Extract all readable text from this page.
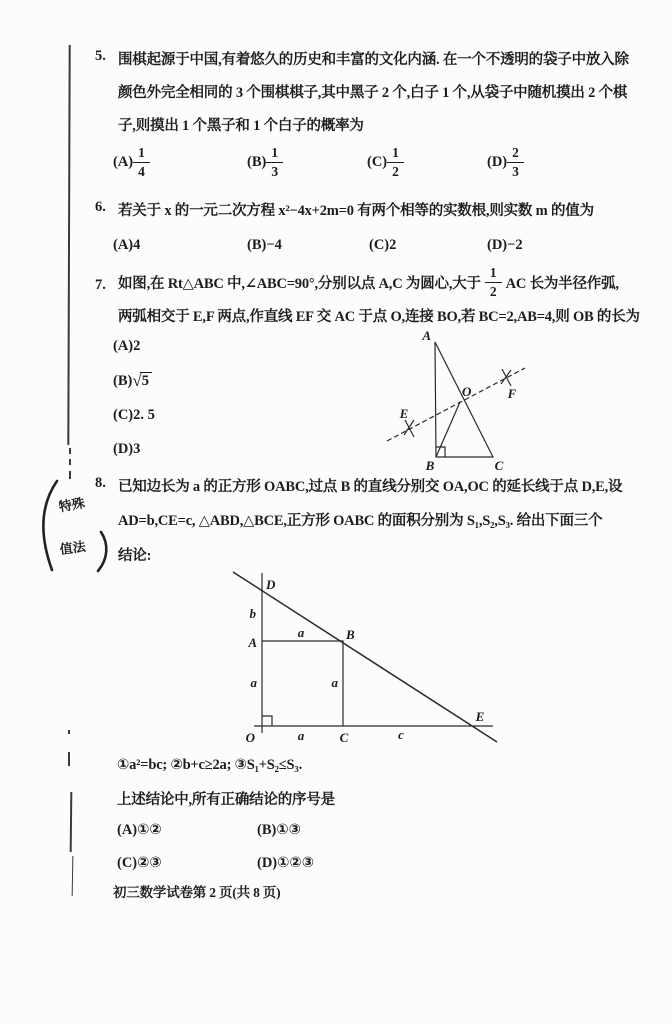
5. 围棋起源于中国,有着悠久的历史和丰富的文化内涵. 在一个不透明的袋子中放入除
颜色外完全相同的 3 个围棋棋子,其中黑子 2 个,白子 1 个,从袋子中随机摸出 2 个棋
子,则摸出 1 个黑子和 1 个白子的概率为
$(A) \frac{1}{4}$	$(B) \frac{1}{3}$	$(C) \frac{1}{2}$	$(D) \frac{2}{3}$
6. 若关于 x 的一元二次方程 x²−4x+2m=0 有两个相等的实数根,则实数 m 的值为
(A) 4	(B) −4	(C) 2	(D) −2
7. 如图,在 Rt△ABC 中,∠ABC=90°,分别以点 A,C 为圆心,大于 $\frac{1}{2}$ AC 长为半径作弧,
两弧相交于 E,F 两点,作直线 EF 交 AC 于点 O,连接 BO,若 BC=2,AB=4,则 OB 的长为
(A) 2
(B) √ 5
(C) 2. 5
(D) 3
A
B	C
O
E
F
8. 已知边长为 a 的正方形 OABC,过点 B 的直线分别交 OA,OC 的延长线于点 D,E,设
AD=b,CE=c, △ABD,△BCE,正方形 OABC 的面积分别为 S₁,S₂,S₃. 给出下面三个
结论:
特殊
值法
D
b
A
a	B
a	a
O	a	C	c
E
①a²=bc; ②b+c≥2a; ③S₁+S₂≤S₃.
上述结论中,所有正确结论的序号是
(A) ①②	(B) ①③
(C) ②③	(D) ①②③
初三数学试卷第 2 页(共 8 页)
